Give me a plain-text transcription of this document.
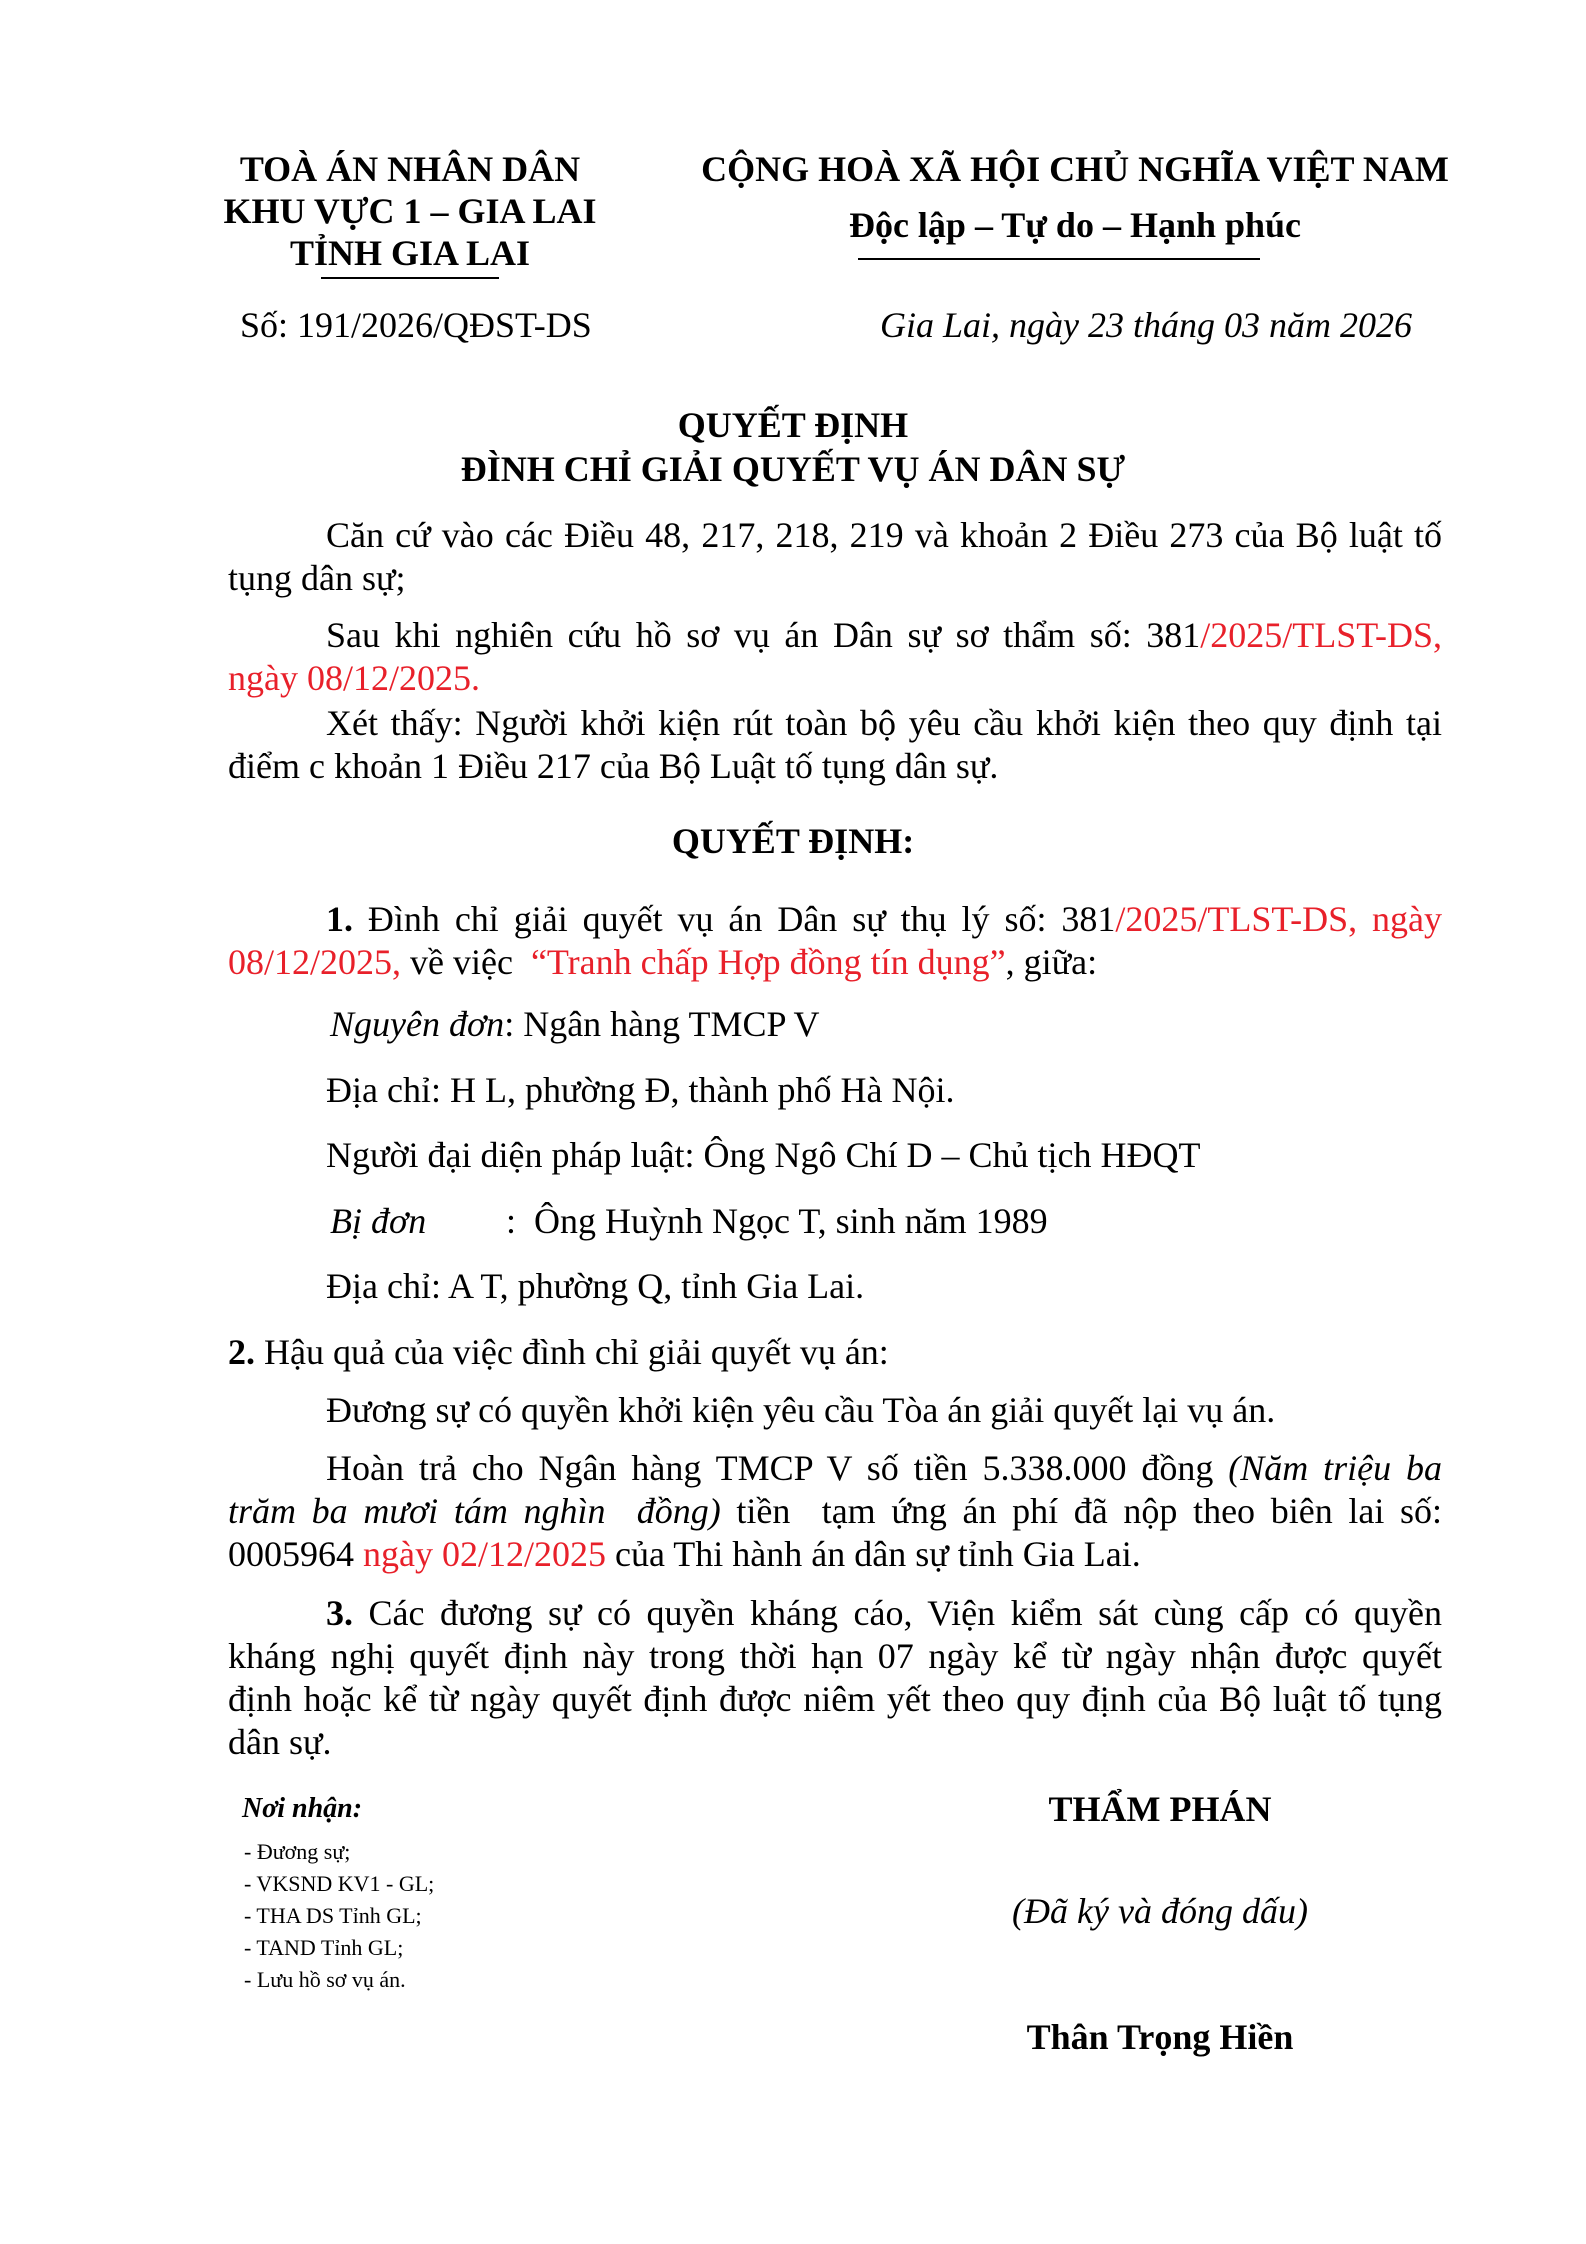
TOÀ ÁN NHÂN DÂN
KHU VỰC 1 – GIA LAI
TỈNH GIA LAI
CỘNG HOÀ XÃ HỘI CHỦ NGHĨA VIỆT NAM
Độc lập – Tự do – Hạnh phúc
Số: 191/2026/QĐST-DS	Gia Lai, ngày 23 tháng 03 năm 2026
QUYẾT ĐỊNH
ĐÌNH CHỈ GIẢI QUYẾT VỤ ÁN DÂN SỰ
Căn cứ vào các Điều 48, 217, 218, 219 và khoản 2 Điều 273 của Bộ luật tố
tụng dân sự;
Sau khi nghiên cứu hồ sơ vụ án Dân sự sơ thẩm số: 381/2025/TLST-DS,
ngày 08/12/2025.
Xét thấy: Người khởi kiện rút toàn bộ yêu cầu khởi kiện theo quy định tại
điểm c khoản 1 Điều 217 của Bộ Luật tố tụng dân sự.
QUYẾT ĐỊNH:
1. Đình chỉ giải quyết vụ án Dân sự thụ lý số: 381/2025/TLST-DS, ngày
08/12/2025, về việc  “Tranh chấp Hợp đồng tín dụng”, giữa:
Nguyên đơn: Ngân hàng TMCP V
Địa chỉ: H L, phường Đ, thành phố Hà Nội.
Người đại diện pháp luật: Ông Ngô Chí D – Chủ tịch HĐQT
Bị đơn :  Ông Huỳnh Ngọc T, sinh năm 1989
Địa chỉ: A T, phường Q, tỉnh Gia Lai.
2. Hậu quả của việc đình chỉ giải quyết vụ án:
Đương sự có quyền khởi kiện yêu cầu Tòa án giải quyết lại vụ án.
Hoàn trả cho Ngân hàng TMCP V số tiền 5.338.000 đồng (Năm triệu ba
trăm ba mươi tám nghìn  đồng) tiền  tạm ứng án phí đã nộp theo biên lai số:
0005964 ngày 02/12/2025 của Thi hành án dân sự tỉnh Gia Lai.
3. Các đương sự có quyền kháng cáo, Viện kiểm sát cùng cấp có quyền
kháng nghị quyết định này trong thời hạn 07 ngày kể từ ngày nhận được quyết
định hoặc kể từ ngày quyết định được niêm yết theo quy định của Bộ luật tố tụng
dân sự.
Nơi nhận:
- Đương sự;
- VKSND KV1 - GL;
- THA DS Tỉnh GL;
- TAND Tỉnh GL;
- Lưu hồ sơ vụ án.
THẨM PHÁN
(Đã ký và đóng dấu)
Thân Trọng Hiền
